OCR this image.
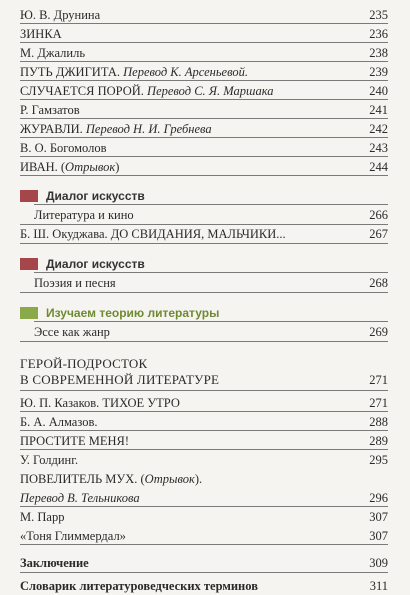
Ю. В. Друнина	235
ЗИНКА	236
М. Джалиль	238
ПУТЬ ДЖИГИТА. Перевод К. Арсеньевой.	239
СЛУЧАЕТСЯ ПОРОЙ. Перевод С. Я. Маршака	240
Р. Гамзатов	241
ЖУРАВЛИ. Перевод Н. И. Гребнева	242
В. О. Богомолов	243
ИВАН. (Отрывок)	244
Диалог искусств
Литература и кино	266
Б. Ш. Окуджава. ДО СВИДАНИЯ, МАЛЬЧИКИ...	267
Диалог искусств
Поэзия и песня	268
Изучаем теорию литературы
Эссе как жанр	269
ГЕРОЙ-ПОДРОСТОК
В СОВРЕМЕННОЙ ЛИТЕРАТУРЕ	271
Ю. П. Казаков. ТИХОЕ УТРО	271
Б. А. Алмазов.	288
ПРОСТИТЕ МЕНЯ!	289
У. Голдинг.	295
ПОВЕЛИТЕЛЬ МУХ. (Отрывок).
Перевод В. Тельникова	296
М. Парр	307
«Тоня Глиммердал»	307
Заключение	309
Словарик литературоведческих терминов	311
